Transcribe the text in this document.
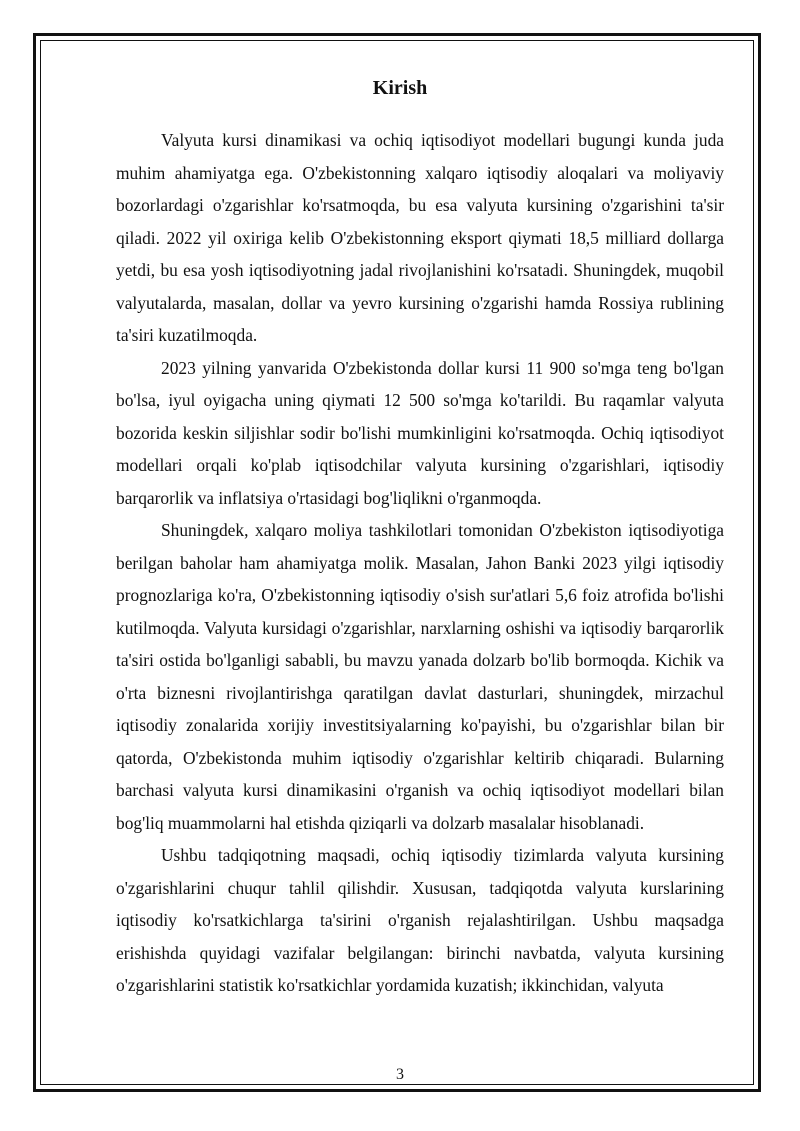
Kirish

Valyuta kursi dinamikasi va ochiq iqtisodiyot modellari bugungi kunda juda muhim ahamiyatga ega. O'zbekistonning xalqaro iqtisodiy aloqalari va moliyaviy bozorlardagi o'zgarishlar ko'rsatmoqda, bu esa valyuta kursining o'zgarishini ta'sir qiladi. 2022 yil oxiriga kelib O'zbekistonning eksport qiymati 18,5 milliard dollarga yetdi, bu esa yosh iqtisodiyotning jadal rivojlanishini ko'rsatadi. Shuningdek, muqobil valyutalarda, masalan, dollar va yevro kursining o'zgarishi hamda Rossiya rublining ta'siri kuzatilmoqda.

2023 yilning yanvarida O'zbekistonda dollar kursi 11 900 so'mga teng bo'lgan bo'lsa, iyul oyigacha uning qiymati 12 500 so'mga ko'tarildi. Bu raqamlar valyuta bozorida keskin siljishlar sodir bo'lishi mumkinligini ko'rsatmoqda. Ochiq iqtisodiyot modellari orqali ko'plab iqtisodchilar valyuta kursining o'zgarishlari, iqtisodiy barqarorlik va inflatsiya o'rtasidagi bog'liqlikni o'rganmoqda.

Shuningdek, xalqaro moliya tashkilotlari tomonidan O'zbekiston iqtisodiyotiga berilgan baholar ham ahamiyatga molik. Masalan, Jahon Banki 2023 yilgi iqtisodiy prognozlariga ko'ra, O'zbekistonning iqtisodiy o'sish sur'atlari 5,6 foiz atrofida bo'lishi kutilmoqda. Valyuta kursidagi o'zgarishlar, narxlarning oshishi va iqtisodiy barqarorlik ta'siri ostida bo'lganligi sababli, bu mavzu yanada dolzarb bo'lib bormoqda. Kichik va o'rta biznesni rivojlantirishga qaratilgan davlat dasturlari, shuningdek, mirzachul iqtisodiy zonalarida xorijiy investitsiyalarning ko'payishi, bu o'zgarishlar bilan bir qatorda, O'zbekistonda muhim iqtisodiy o'zgarishlar keltirib chiqaradi. Bularning barchasi valyuta kursi dinamikasini o'rganish va ochiq iqtisodiyot modellari bilan bog'liq muammolarni hal etishda qiziqarli va dolzarb masalalar hisoblanadi.

Ushbu tadqiqotning maqsadi, ochiq iqtisodiy tizimlarda valyuta kursining o'zgarishlarini chuqur tahlil qilishdir. Xususan, tadqiqotda valyuta kurslarining iqtisodiy ko'rsatkichlarga ta'sirini o'rganish rejalashtirilgan. Ushbu maqsadga erishishda quyidagi vazifalar belgilangan: birinchi navbatda, valyuta kursining o'zgarishlarini statistik ko'rsatkichlar yordamida kuzatish; ikkinchidan, valyuta

3
